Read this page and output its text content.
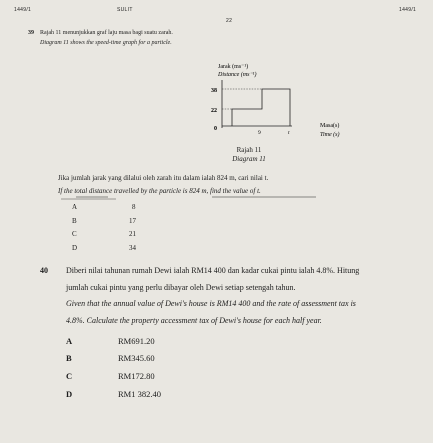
1449/1	SULIT
22
1449/1
39 Rajah 11 menunjukkan graf laju masa bagi suatu zarah.
Diagram 11 shows the speed-time graph for a particle.
Jarak (ms⁻¹)
Distance (ms⁻¹)
38
22
0
9	t
Masa(s)
Time (s)
Rajah 11
Diagram 11
Jika jumlah jarak yang dilalui oleh zarah itu dalam ialah 824 m, cari nilai t.
If the total distance travelled by the particle is 824 m, find the value of t.
A	8
B	17
C	21
D	34
40 Diberi nilai tahunan rumah Dewi ialah RM14 400 dan kadar cukai pintu ialah 4.8%. Hitung
jumlah cukai pintu yang perlu dibayar oleh Dewi setiap setengah tahun.
Given that the annual value of Dewi's house is RM14 400 and the rate of assessment tax is
4.8%. Calculate the property accessment tax of Dewi's house for each half year.
A	RM691.20
B	RM345.60
C	RM172.80
D	RM1 382.40
